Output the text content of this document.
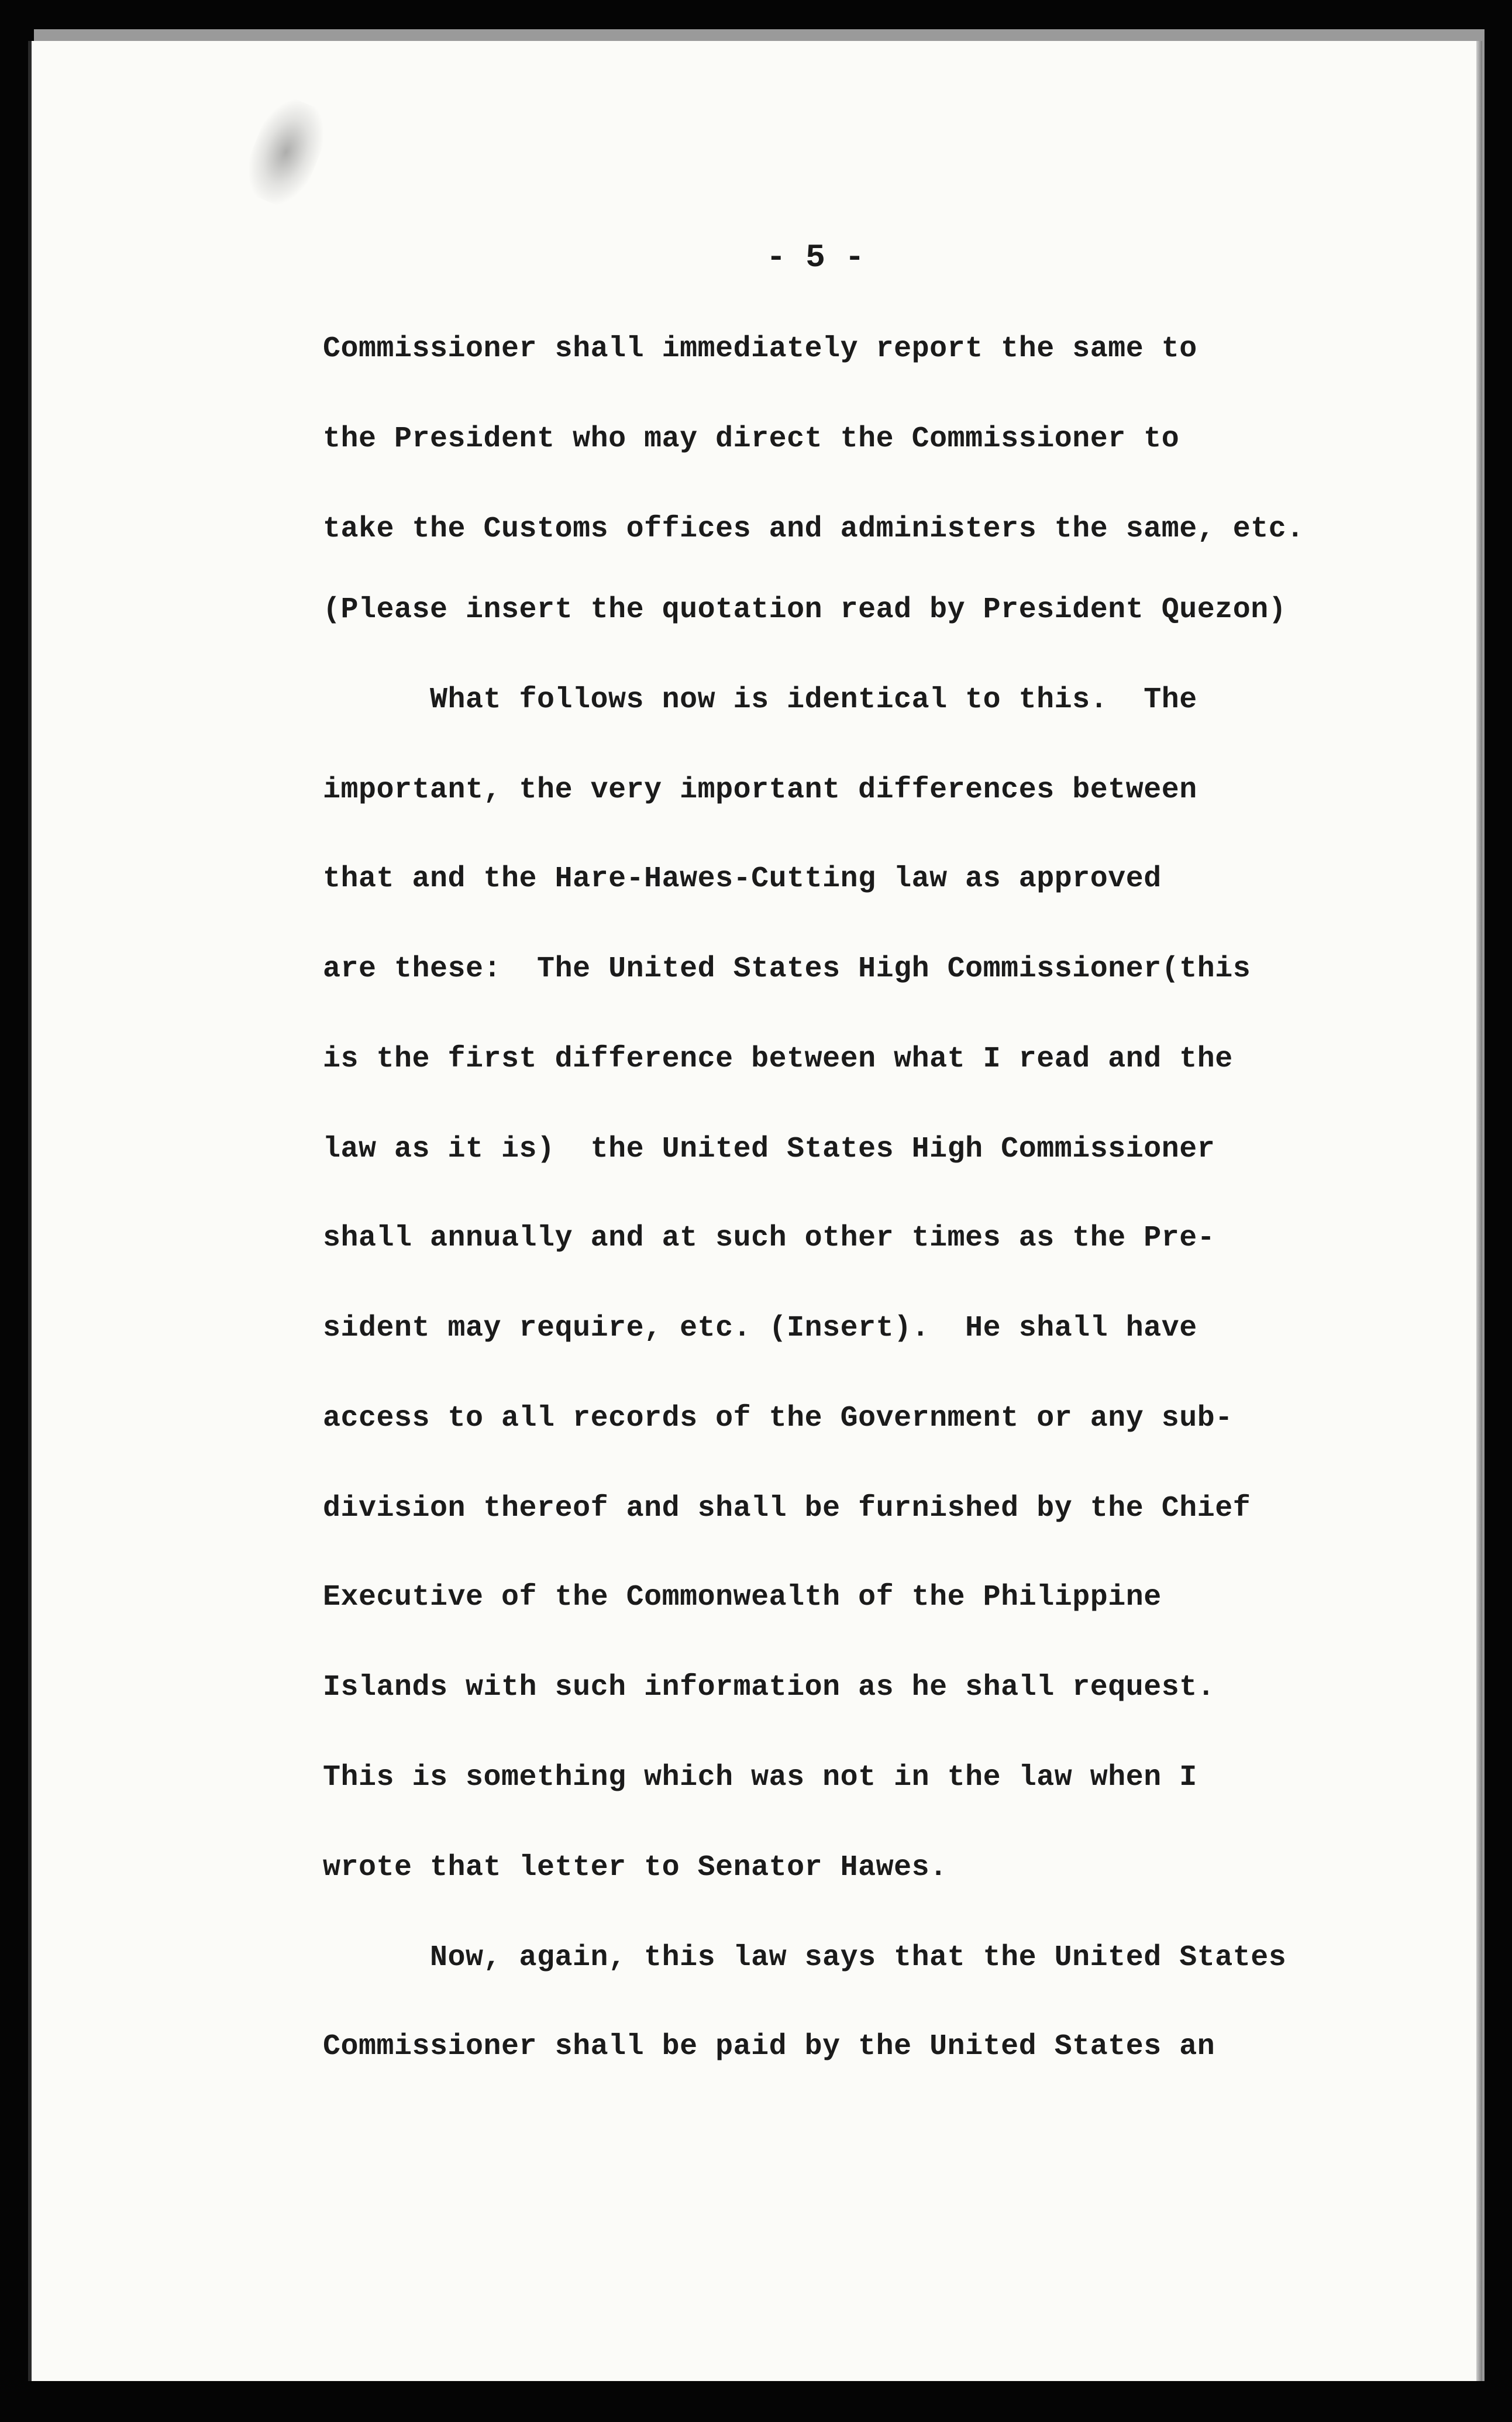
- 5 -
Commissioner shall immediately report the same to
the President who may direct the Commissioner to
take the Customs offices and administers the same, etc.
(Please insert the quotation read by President Quezon)
What follows now is identical to this.  The
important, the very important differences between
that and the Hare-Hawes-Cutting law as approved
are these:  The United States High Commissioner(this
is the first difference between what I read and the
law as it is)  the United States High Commissioner
shall annually and at such other times as the Pre-
sident may require, etc. (Insert).  He shall have
access to all records of the Government or any sub-
division thereof and shall be furnished by the Chief
Executive of the Commonwealth of the Philippine
Islands with such information as he shall request.
This is something which was not in the law when I
wrote that letter to Senator Hawes.
Now, again, this law says that the United States
Commissioner shall be paid by the United States an
